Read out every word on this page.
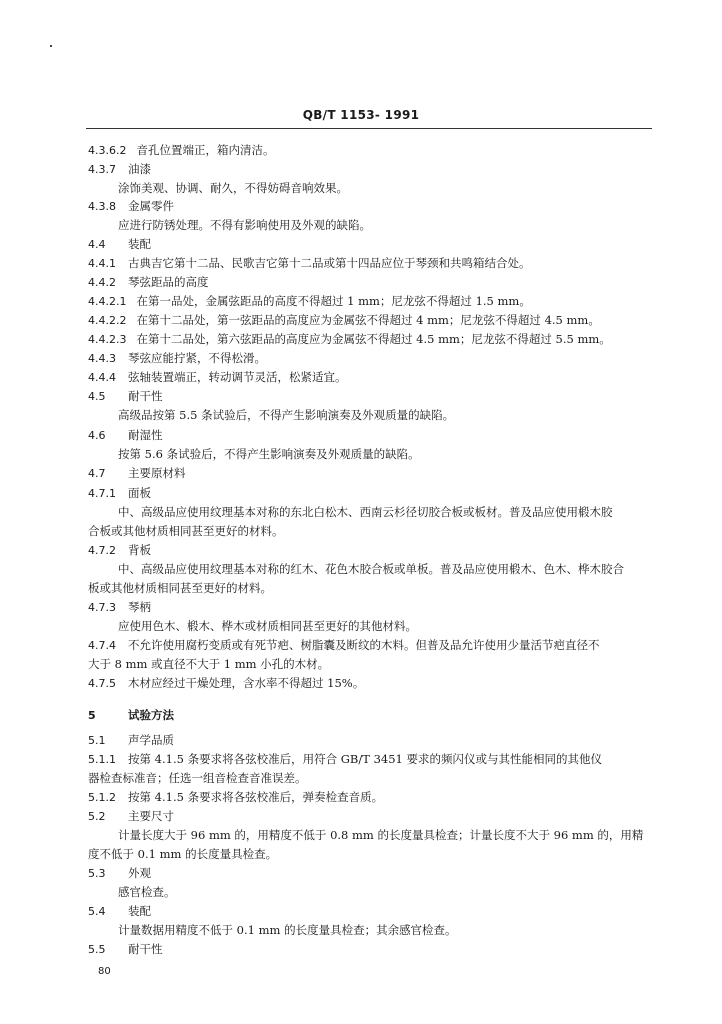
QB/T 1153- 1991
4.3.6.2 音孔位置端正，箱内清洁。
4.3.7 油漆
涂饰美观、协调、耐久，不得妨碍音响效果。
4.3.8 金属零件
应进行防锈处理。不得有影响使用及外观的缺陷。
4.4 装配
4.4.1 古典吉它第十二品、民歌吉它第十二品或第十四品应位于琴颈和共鸣箱结合处。
4.4.2 琴弦距品的高度
4.4.2.1 在第一品处，金属弦距品的高度不得超过 1 mm；尼龙弦不得超过 1.5 mm。
4.4.2.2 在第十二品处，第一弦距品的高度应为金属弦不得超过 4 mm；尼龙弦不得超过 4.5 mm。
4.4.2.3 在第十二品处，第六弦距品的高度应为金属弦不得超过 4.5 mm；尼龙弦不得超过 5.5 mm。
4.4.3 琴弦应能拧紧，不得松滑。
4.4.4 弦轴装置端正，转动调节灵活，松紧适宜。
4.5 耐干性
高级品按第 5.5 条试验后，不得产生影响演奏及外观质量的缺陷。
4.6 耐湿性
按第 5.6 条试验后，不得产生影响演奏及外观质量的缺陷。
4.7 主要原材料
4.7.1 面板
中、高级品应使用纹理基本对称的东北白松木、西南云杉径切胶合板或板材。普及品应使用椴木胶
合板或其他材质相同甚至更好的材料。
4.7.2 背板
中、高级品应使用纹理基本对称的红木、花色木胶合板或单板。普及品应使用椴木、色木、桦木胶合
板或其他材质相同甚至更好的材料。
4.7.3 琴柄
应使用色木、椴木、桦木或材质相同甚至更好的其他材料。
4.7.4 不允许使用腐朽变质或有死节疤、树脂囊及断纹的木料。但普及品允许使用少量活节疤直径不
大于 8 mm 或直径不大于 1 mm 小孔的木材。
4.7.5 木材应经过干燥处理，含水率不得超过 15%。
5	试验方法
5.1 声学品质
5.1.1 按第 4.1.5 条要求将各弦校准后，用符合 GB/T 3451 要求的频闪仪或与其性能相同的其他仪
器检查标准音；任选一组音检查音准误差。
5.1.2 按第 4.1.5 条要求将各弦校准后，弹奏检查音质。
5.2 主要尺寸
计量长度大于 96 mm 的，用精度不低于 0.8 mm 的长度量具检查；计量长度不大于 96 mm 的，用精
度不低于 0.1 mm 的长度量具检查。
5.3 外观
感官检查。
5.4 装配
计量数据用精度不低于 0.1 mm 的长度量具检查；其余感官检查。
5.5 耐干性
80
